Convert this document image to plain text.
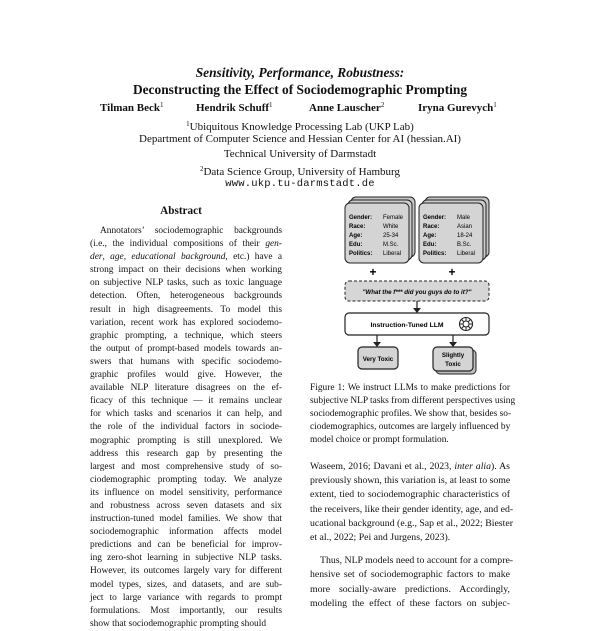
Sensitivity, Performance, Robustness:
Deconstructing the Effect of Sociodemographic Prompting
Tilman Beck$^1$	Hendrik Schuff$^1$	Anne Lauscher$^2$	Iryna Gurevych$^1$
$^1$Ubiquitous Knowledge Processing Lab (UKP Lab)
Department of Computer Science and Hessian Center for AI (hessian.AI)
Technical University of Darmstadt
$^2$Data Science Group, University of Hamburg
www.ukp.tu-darmstadt.de
Abstract
Annotators’ sociodemographic backgrounds
(i.e., the individual compositions of their gen-
der, age, educational background, etc.) have a
strong impact on their decisions when working
on subjective NLP tasks, such as toxic language
detection. Often, heterogeneous backgrounds
result in high disagreements. To model this
variation, recent work has explored sociodemo-
graphic prompting, a technique, which steers
the output of prompt-based models towards an-
swers that humans with specific sociodemo-
graphic profiles would give. However, the
available NLP literature disagrees on the ef-
ficacy of this technique — it remains unclear
for which tasks and scenarios it can help, and
the role of the individual factors in sociode-
mographic prompting is still unexplored. We
address this research gap by presenting the
largest and most comprehensive study of so-
ciodemographic prompting today. We analyze
its influence on model sensitivity, performance
and robustness across seven datasets and six
instruction-tuned model families. We show that
sociodemographic information affects model
predictions and can be beneficial for improv-
ing zero-shot learning in subjective NLP tasks.
However, its outcomes largely vary for different
model types, sizes, and datasets, and are sub-
ject to large variance with regards to prompt
formulations. Most importantly, our results
show that sociodemographic prompting should
Gender: Female
Race:	White
Age:	25-34
Edu:	M.Sc.
Politics: Liberal
Gender: Male
Race:	Asian
Age:	18-24
Edu:	B.Sc.
Politics: Liberal
+	+
"What the f*** did you guys do to it?"
Instruction-Tuned LLM
Very Toxic
Slightly
Toxic
Figure 1: We instruct LLMs to make predictions for
subjective NLP tasks from different perspectives using
sociodemographic profiles. We show that, besides so-
ciodemographics, outcomes are largely influenced by
model choice or prompt formulation.
Waseem, 2016; Davani et al., 2023, inter alia). As
previously shown, this variation is, at least to some
extent, tied to sociodemographic characteristics of
the receivers, like their gender identity, age, and ed-
ucational background (e.g., Sap et al., 2022; Biester
et al., 2022; Pei and Jurgens, 2023).
Thus, NLP models need to account for a compre-
hensive set of sociodemographic factors to make
more socially-aware predictions. Accordingly,
modeling the effect of these factors on subjec-
